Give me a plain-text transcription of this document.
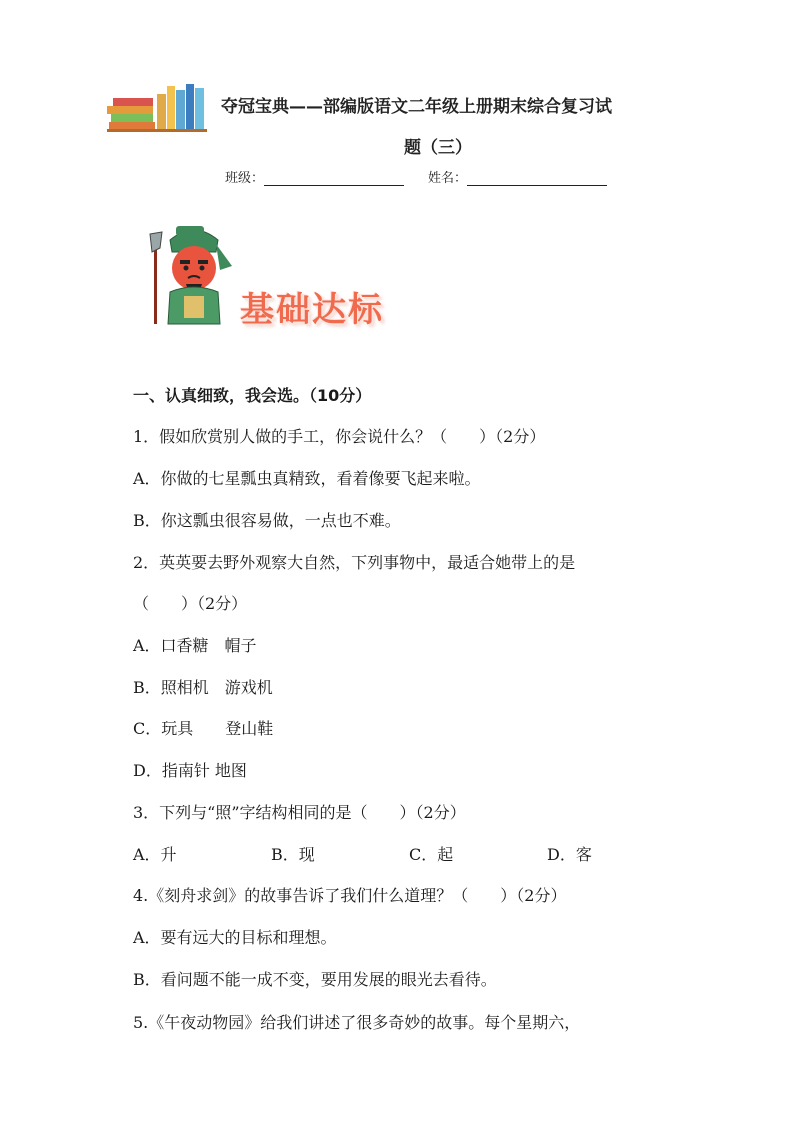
夺冠宝典——部编版语文二年级上册期末综合复习试
题（三）
班级：	姓名：
基础达标
一、认真细致，我会选。（10分）
1．假如欣赏别人做的手工，你会说什么？（　　）（2分）
A．你做的七星瓢虫真精致，看着像要飞起来啦。
B．你这瓢虫很容易做，一点也不难。
2．英英要去野外观察大自然，下列事物中，最适合她带上的是
（　　）（2分）
A．口香糖　帽子
B．照相机　游戏机
C．玩具　　登山鞋
D．指南针 地图
3．下列与“照”字结构相同的是（　　）（2分）
A．升	B．现	C．起	D．客
4.《刻舟求剑》的故事告诉了我们什么道理？（　　）（2分）
A．要有远大的目标和理想。
B．看问题不能一成不变，要用发展的眼光去看待。
5.《午夜动物园》给我们讲述了很多奇妙的故事。每个星期六，
